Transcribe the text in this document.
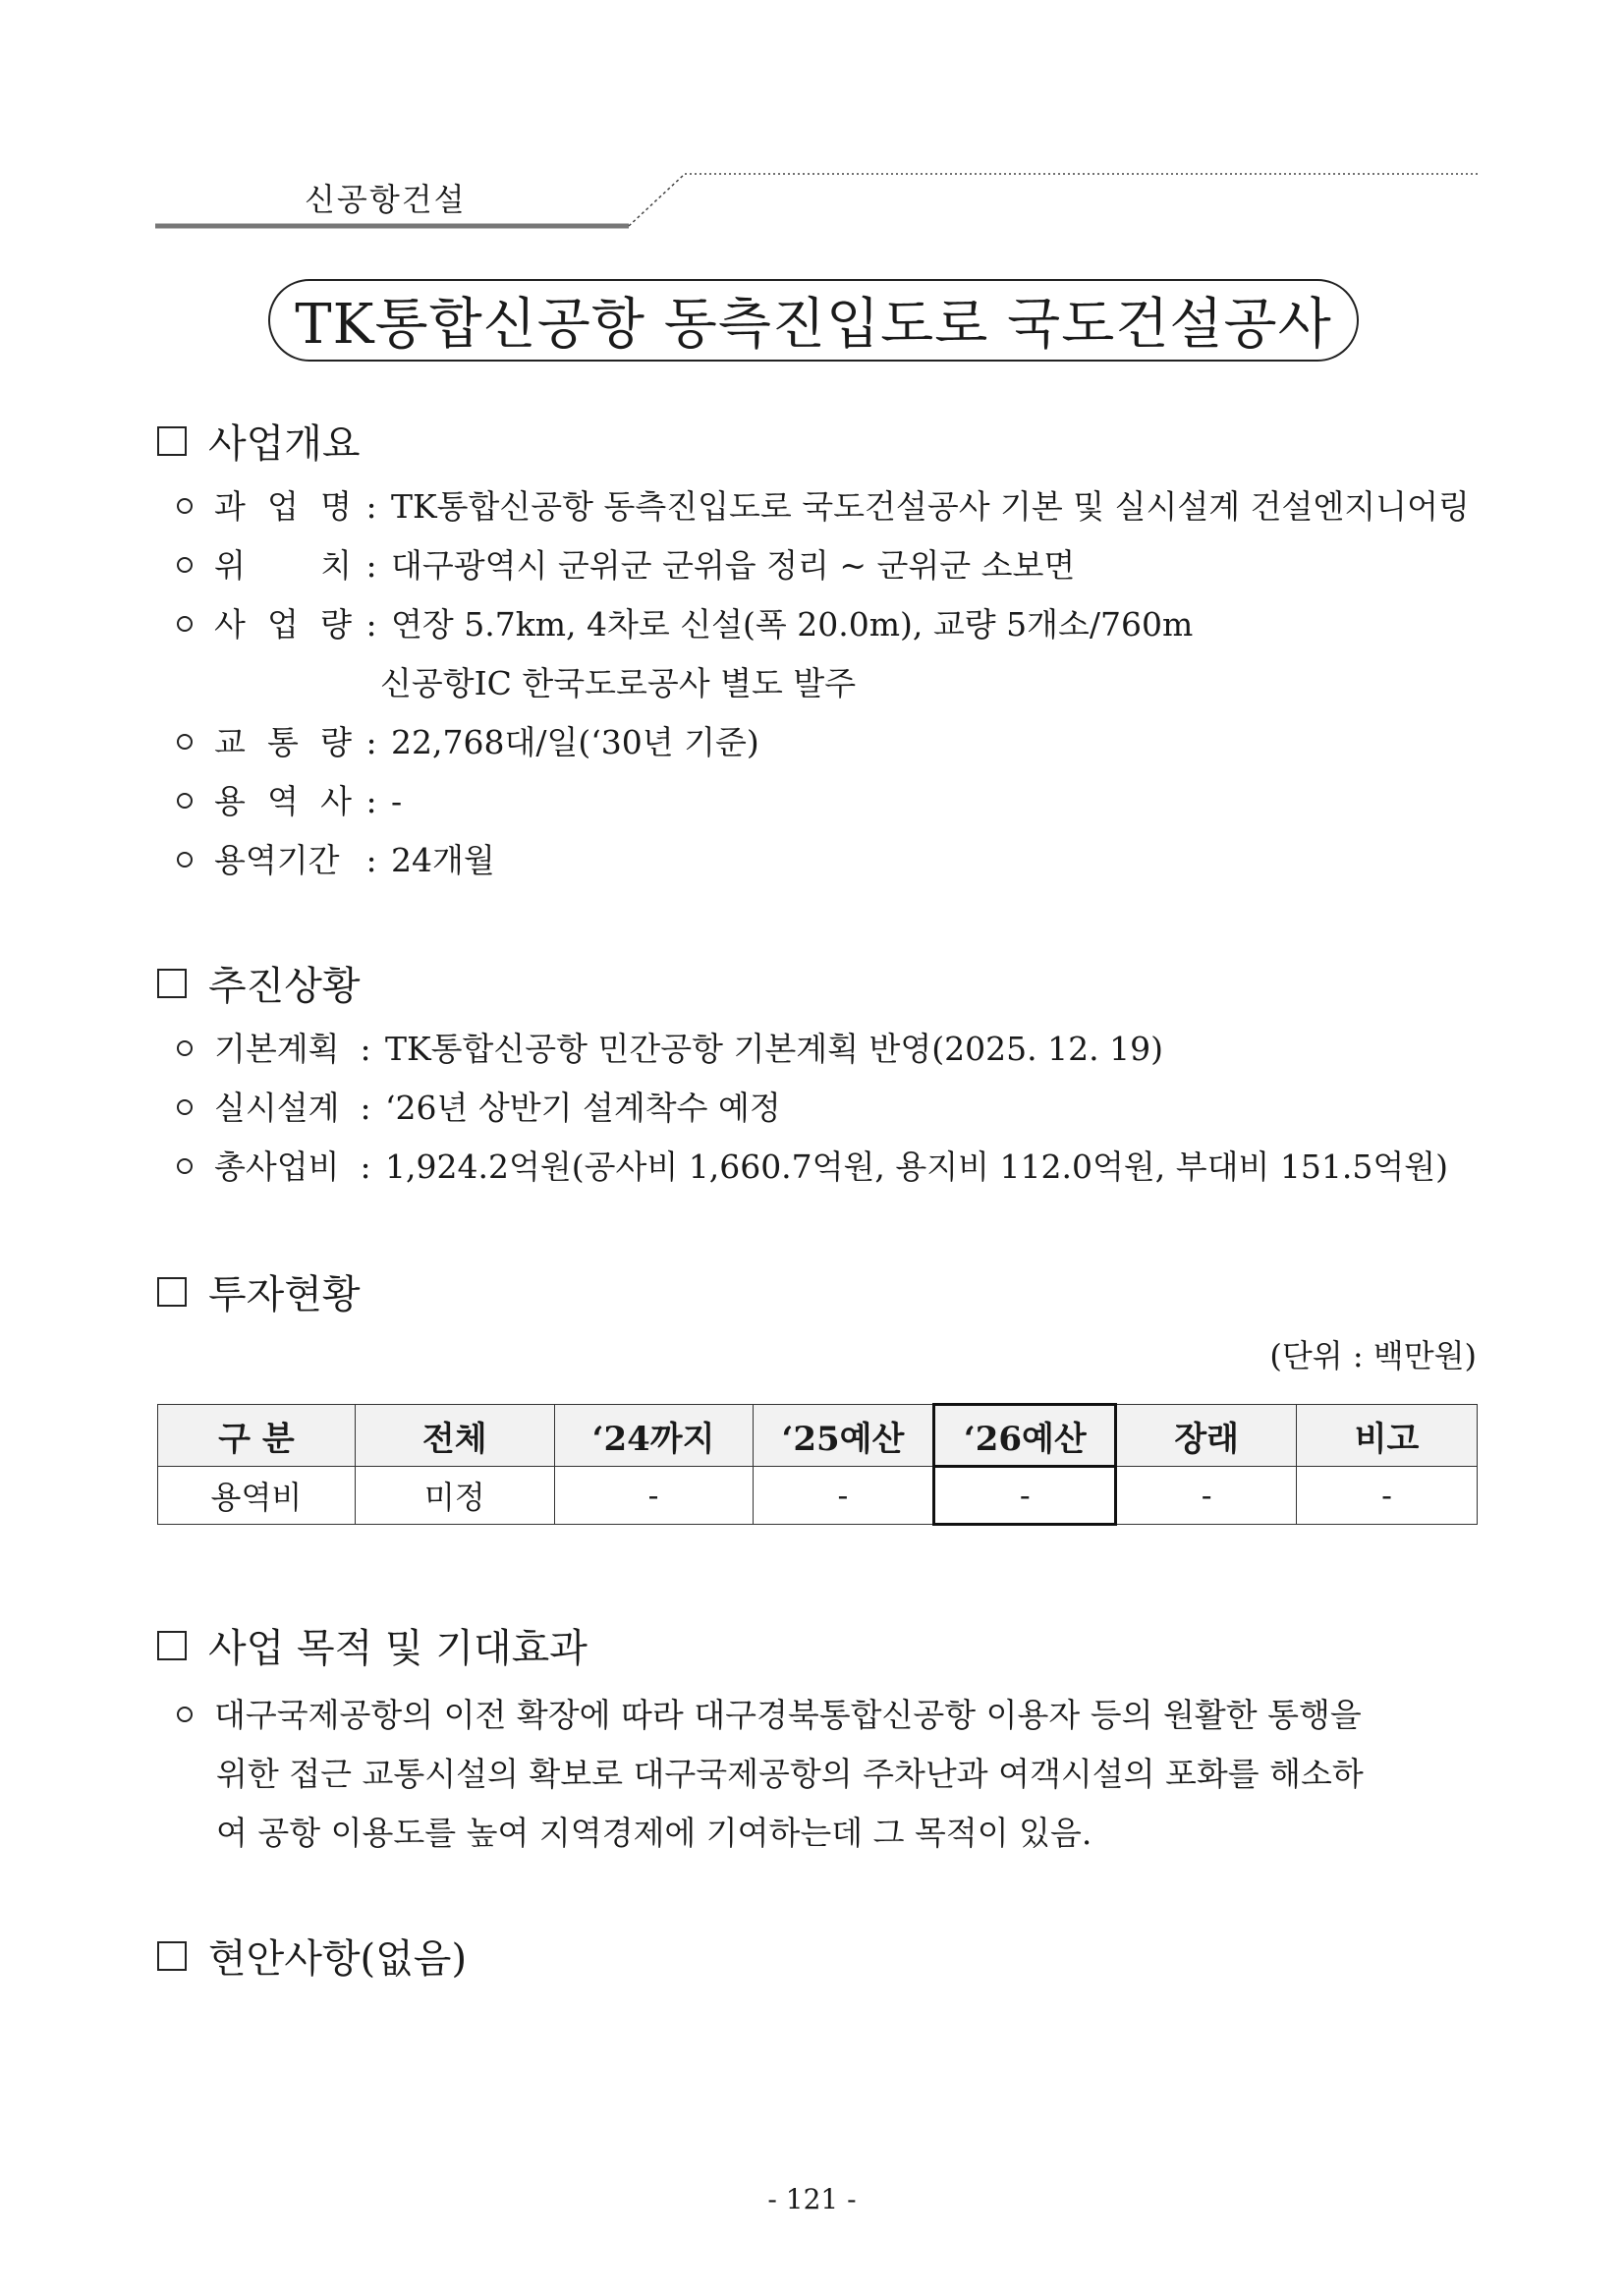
신공항건설
TK통합신공항 동측진입도로 국도건설공사
사업개요
과 업 명 : TK통합신공항 동측진입도로 국도건설공사 기본 및 실시설계 건설엔지니어링
위 치 : 대구광역시 군위군 군위읍 정리 ~ 군위군 소보면
사 업 량 : 연장 5.7km, 4차로 신설(폭 20.0m), 교량 5개소/760m
신공항IC 한국도로공사 별도 발주
교 통 량 : 22,768대/일(‘30년 기준)
용 역 사 : -
용역기간 : 24개월
추진상황
기본계획 : TK통합신공항 민간공항 기본계획 반영(2025. 12. 19)
실시설계 : ‘26년 상반기 설계착수 예정
총사업비 : 1,924.2억원(공사비 1,660.7억원, 용지비 112.0억원, 부대비 151.5억원)
투자현황
(단위 : 백만원)
구 분	전체	‘24까지	‘25예산	‘26예산	장래	비고
용역비	미정	-	-	-	-	-
사업 목적 및 기대효과
대구국제공항의 이전 확장에 따라 대구경북통합신공항 이용자 등의 원활한 통행을
위한 접근 교통시설의 확보로 대구국제공항의 주차난과 여객시설의 포화를 해소하
여 공항 이용도를 높여 지역경제에 기여하는데 그 목적이 있음.
현안사항(없음)
- 121 -
